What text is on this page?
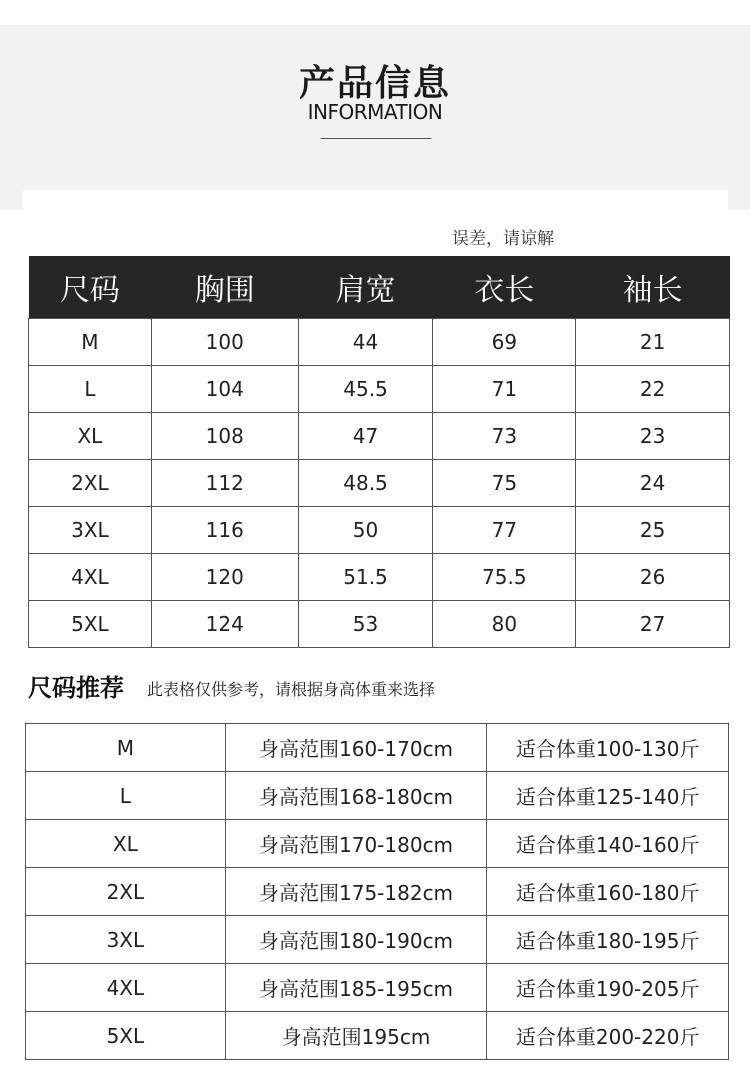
产品信息
INFORMATION
误差，请谅解
尺码	胸围	肩宽	衣长	袖长
M	100	44	69	21
L	104	45.5	71	22
XL	108	47	73	23
2XL	112	48.5	75	24
3XL	116	50	77	25
4XL	120	51.5	75.5	26
5XL	124	53	80	27
尺码推荐 此表格仅供参考，请根据身高体重来选择
M	身高范围160-170cm	适合体重100-130斤
L	身高范围168-180cm	适合体重125-140斤
XL	身高范围170-180cm	适合体重140-160斤
2XL	身高范围175-182cm	适合体重160-180斤
3XL	身高范围180-190cm	适合体重180-195斤
4XL	身高范围185-195cm	适合体重190-205斤
5XL	身高范围195cm	适合体重200-220斤
